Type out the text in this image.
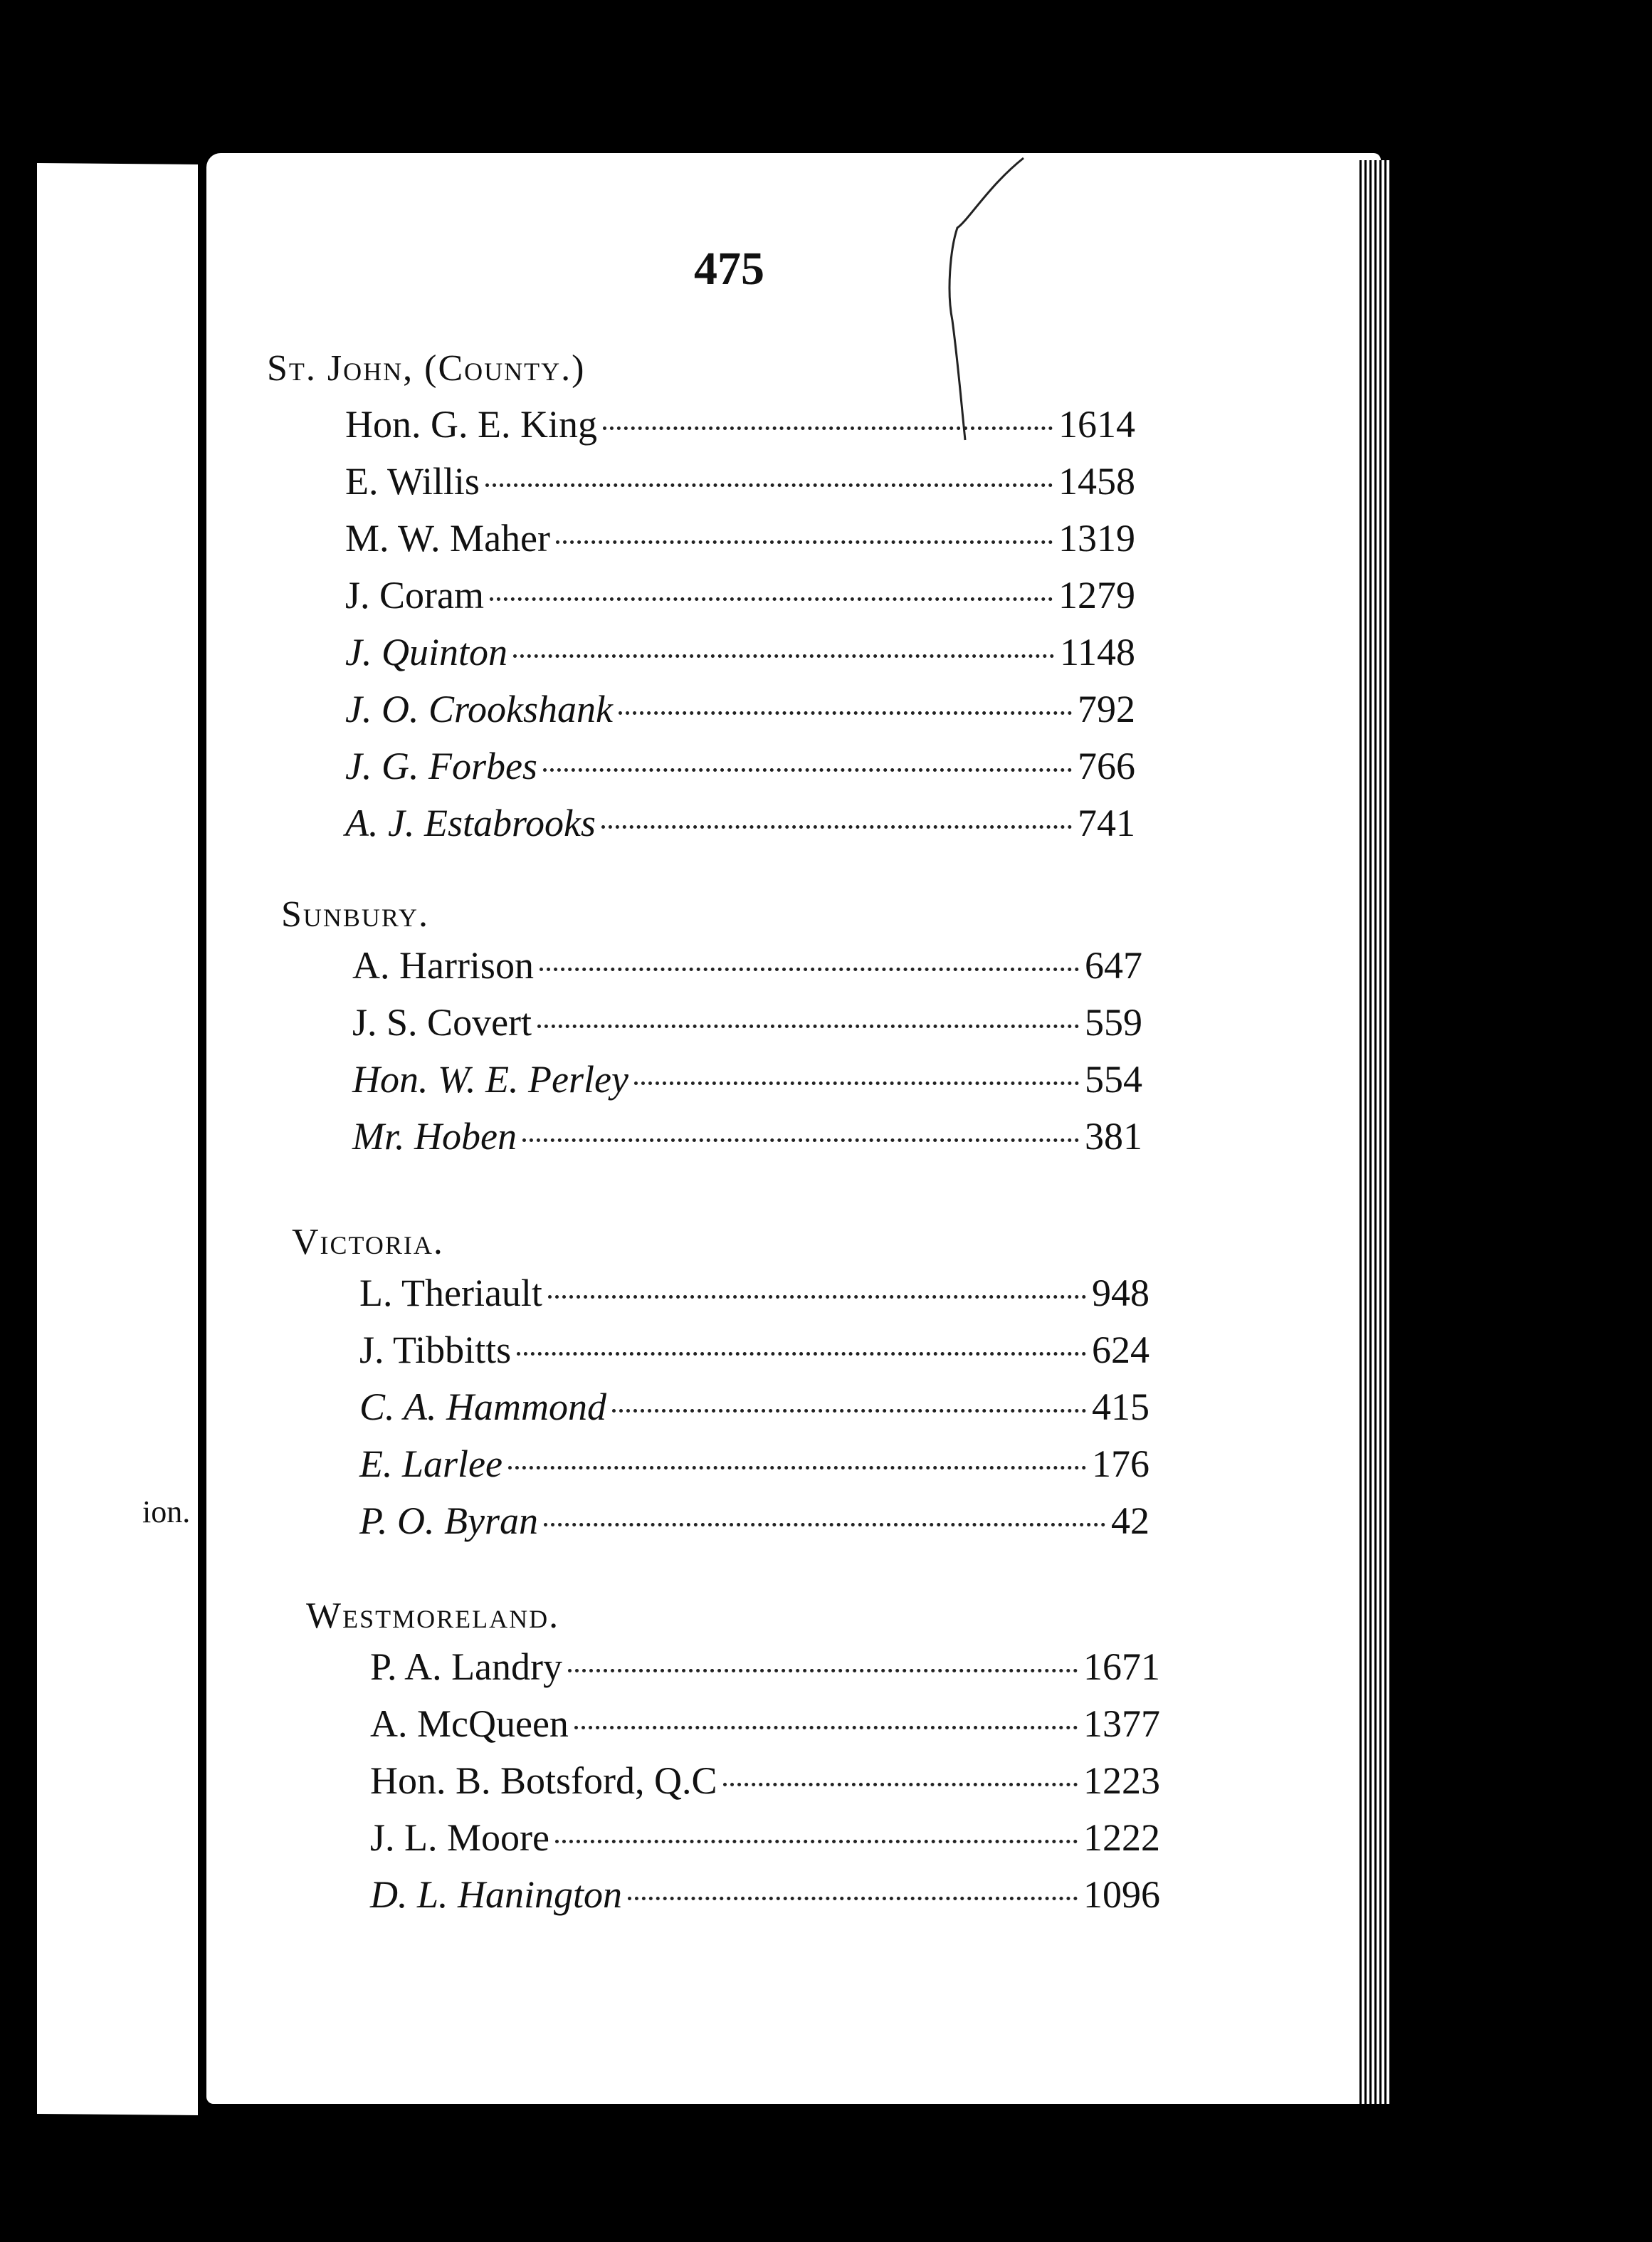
ion.
475
St. John, (County.)
Hon. G. E. King	1614
E. Willis	1458
M. W. Maher	1319
J. Coram	1279
J. Quinton	1148
J. O. Crookshank	792
J. G. Forbes	766
A. J. Estabrooks	741
Sunbury.
A. Harrison	647
J. S. Covert	559
Hon. W. E. Perley	554
Mr. Hoben	381
Victoria.
L. Theriault	948
J. Tibbitts	624
C. A. Hammond	415
E. Larlee	176
P. O. Byran	42
Westmoreland.
P. A. Landry	1671
A. McQueen	1377
Hon. B. Botsford, Q.C	1223
J. L. Moore	1222
D. L. Hanington	1096
